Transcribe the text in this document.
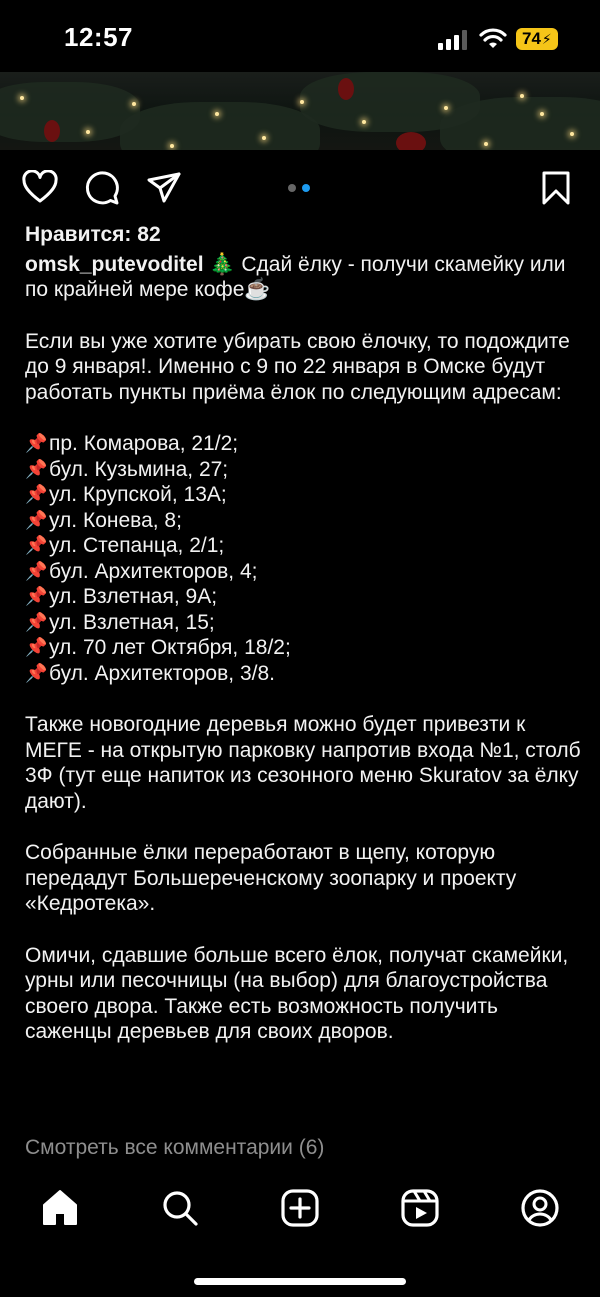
12:57	74 ⚡
Нравится: 82
omsk_putevoditel 🎄 Сдай ёлку - получи скамейку или по крайней мере кофе☕️
Если вы уже хотите убирать свою ёлочку, то подождите до 9 января!. Именно с 9 по 22 января в Омске будут работать пункты приёма ёлок по следующим адресам:
📌 пр. Комарова, 21/2;
📌 бул. Кузьмина, 27;
📌 ул. Крупской, 13А;
📌 ул. Конева, 8;
📌 ул. Степанца, 2/1;
📌 бул. Архитекторов, 4;
📌 ул. Взлетная, 9А;
📌 ул. Взлетная, 15;
📌 ул. 70 лет Октября, 18/2;
📌 бул. Архитекторов, 3/8.
Также новогодние деревья можно будет привезти к МЕГЕ - на открытую парковку напротив входа №1, столб 3Ф (тут еще напиток из сезонного меню Skuratov за ёлку дают).
Собранные ёлки переработают в щепу, которую передадут Большереченскому зоопарку и проекту «Кедротека».
Омичи, сдавшие больше всего ёлок, получат скамейки, урны или песочницы (на выбор) для благоустройства своего двора. Также есть возможность получить саженцы деревьев для своих дворов.
Смотреть все комментарии (6)
